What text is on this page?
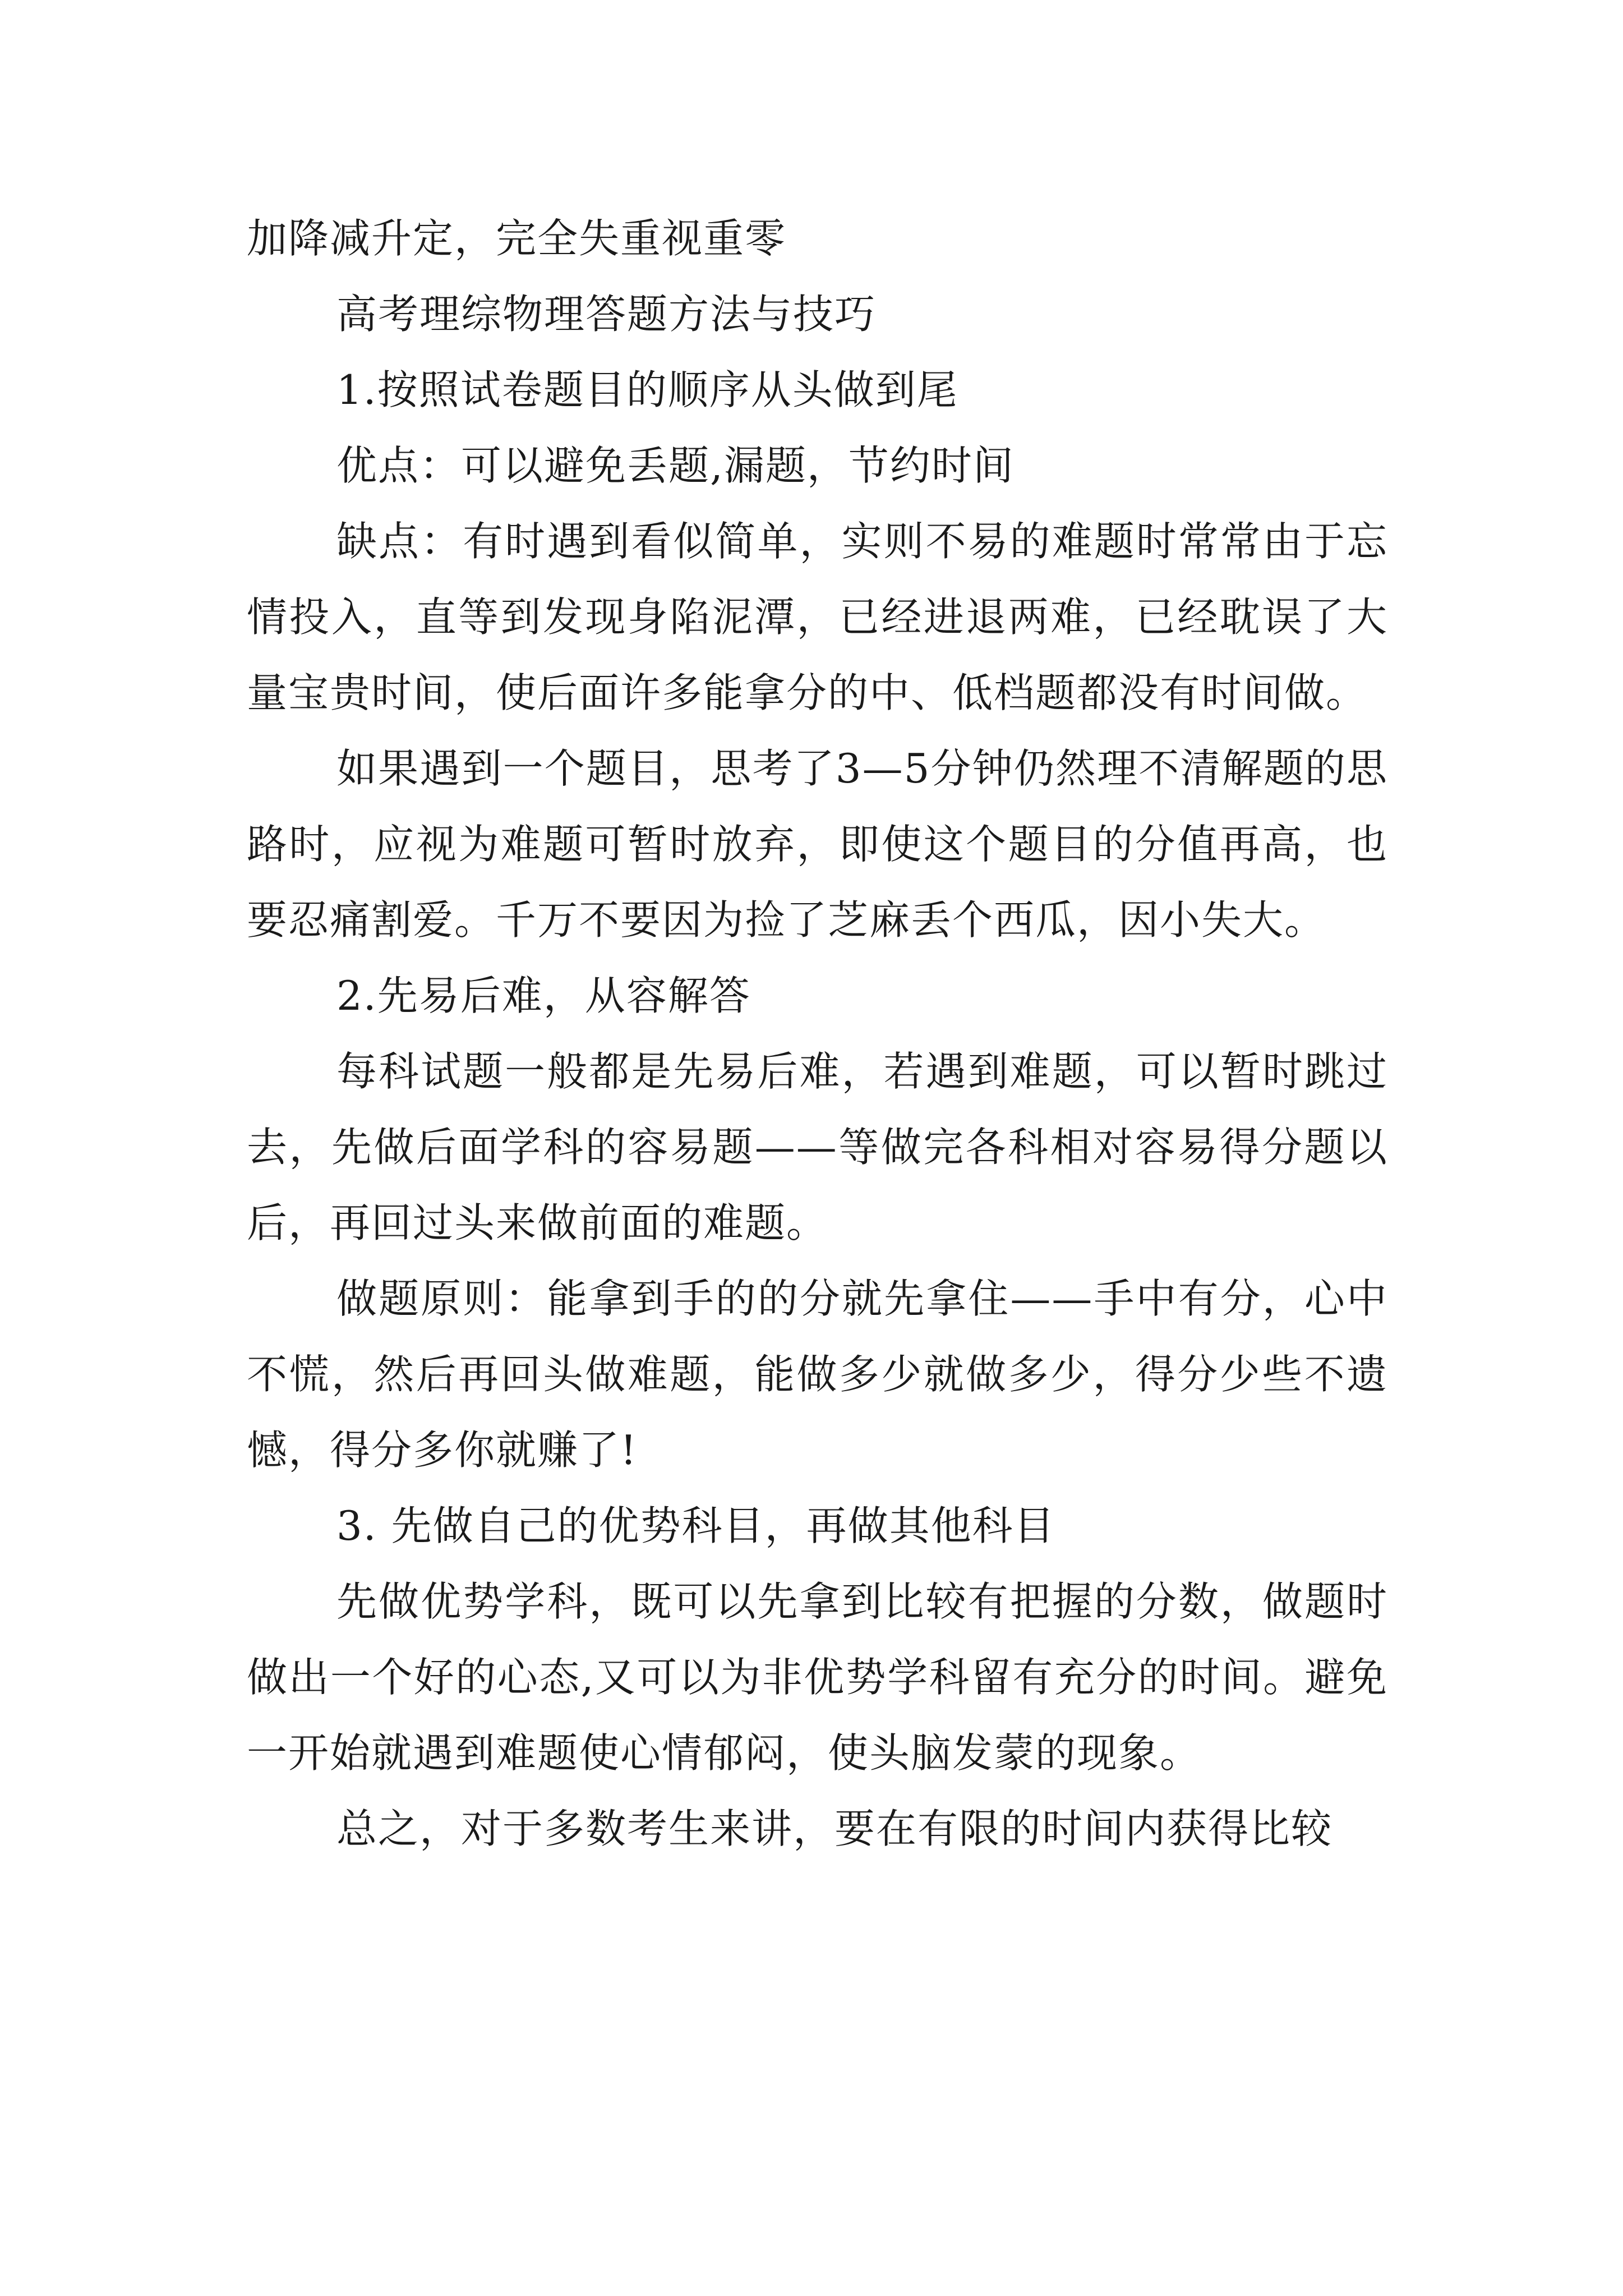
加降减升定，完全失重视重零

高考理综物理答题方法与技巧

1.按照试卷题目的顺序从头做到尾

优点：可以避免丢题,漏题，节约时间

缺点：有时遇到看似简单，实则不易的难题时常常由于忘情投入，直等到发现身陷泥潭，已经进退两难，已经耽误了大量宝贵时间，使后面许多能拿分的中、低档题都没有时间做。

如果遇到一个题目，思考了3—5分钟仍然理不清解题的思路时，应视为难题可暂时放弃，即使这个题目的分值再高，也要忍痛割爱。千万不要因为捡了芝麻丢个西瓜，因小失大。

2.先易后难，从容解答

每科试题一般都是先易后难，若遇到难题，可以暂时跳过去，先做后面学科的容易题——等做完各科相对容易得分题以后，再回过头来做前面的难题。

做题原则：能拿到手的的分就先拿住——手中有分，心中不慌，然后再回头做难题，能做多少就做多少，得分少些不遗憾，得分多你就赚了!

3. 先做自己的优势科目，再做其他科目

先做优势学科，既可以先拿到比较有把握的分数，做题时做出一个好的心态,又可以为非优势学科留有充分的时间。避免一开始就遇到难题使心情郁闷，使头脑发蒙的现象。

总之，对于多数考生来讲，要在有限的时间内获得比较
